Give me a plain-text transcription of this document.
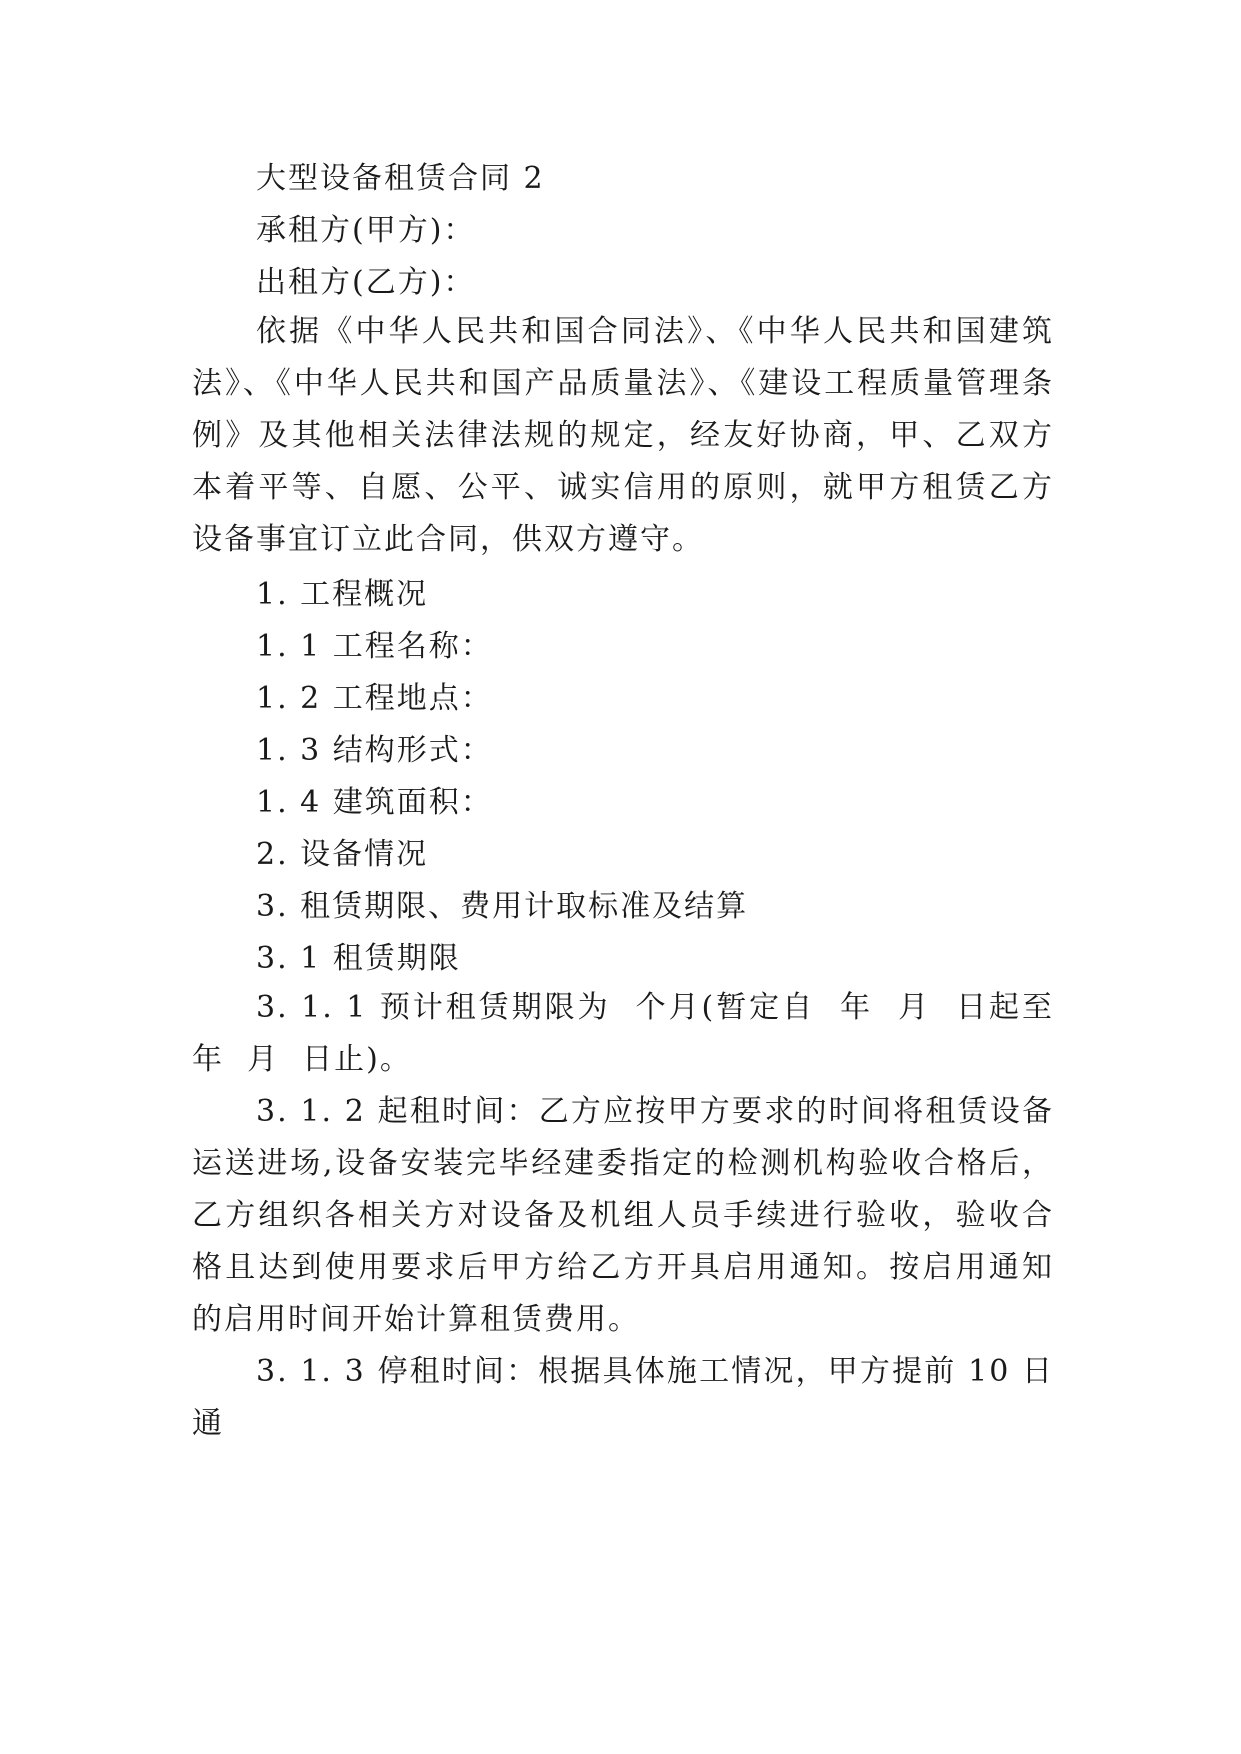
大型设备租赁合同 2

承租方(甲方)：

出租方(乙方)：

依据《中华人民共和国合同法》、《中华人民共和国建筑法》、《中华人民共和国产品质量法》、《建设工程质量管理条例》及其他相关法律法规的规定，经友好协商，甲、乙双方本着平等、自愿、公平、诚实信用的原则，就甲方租赁乙方设备事宜订立此合同，供双方遵守。

1. 工程概况

1. 1 工程名称：

1. 2 工程地点：

1. 3 结构形式：

1. 4 建筑面积：

2. 设备情况

3. 租赁期限、费用计取标准及结算

3. 1 租赁期限

3. 1. 1 预计租赁期限为  个月(暂定自  年  月  日起至  年  月  日止)。

3. 1. 2 起租时间：乙方应按甲方要求的时间将租赁设备运送进场,设备安装完毕经建委指定的检测机构验收合格后，乙方组织各相关方对设备及机组人员手续进行验收，验收合格且达到使用要求后甲方给乙方开具启用通知。按启用通知的启用时间开始计算租赁费用。

3. 1. 3 停租时间：根据具体施工情况，甲方提前 10 日通
